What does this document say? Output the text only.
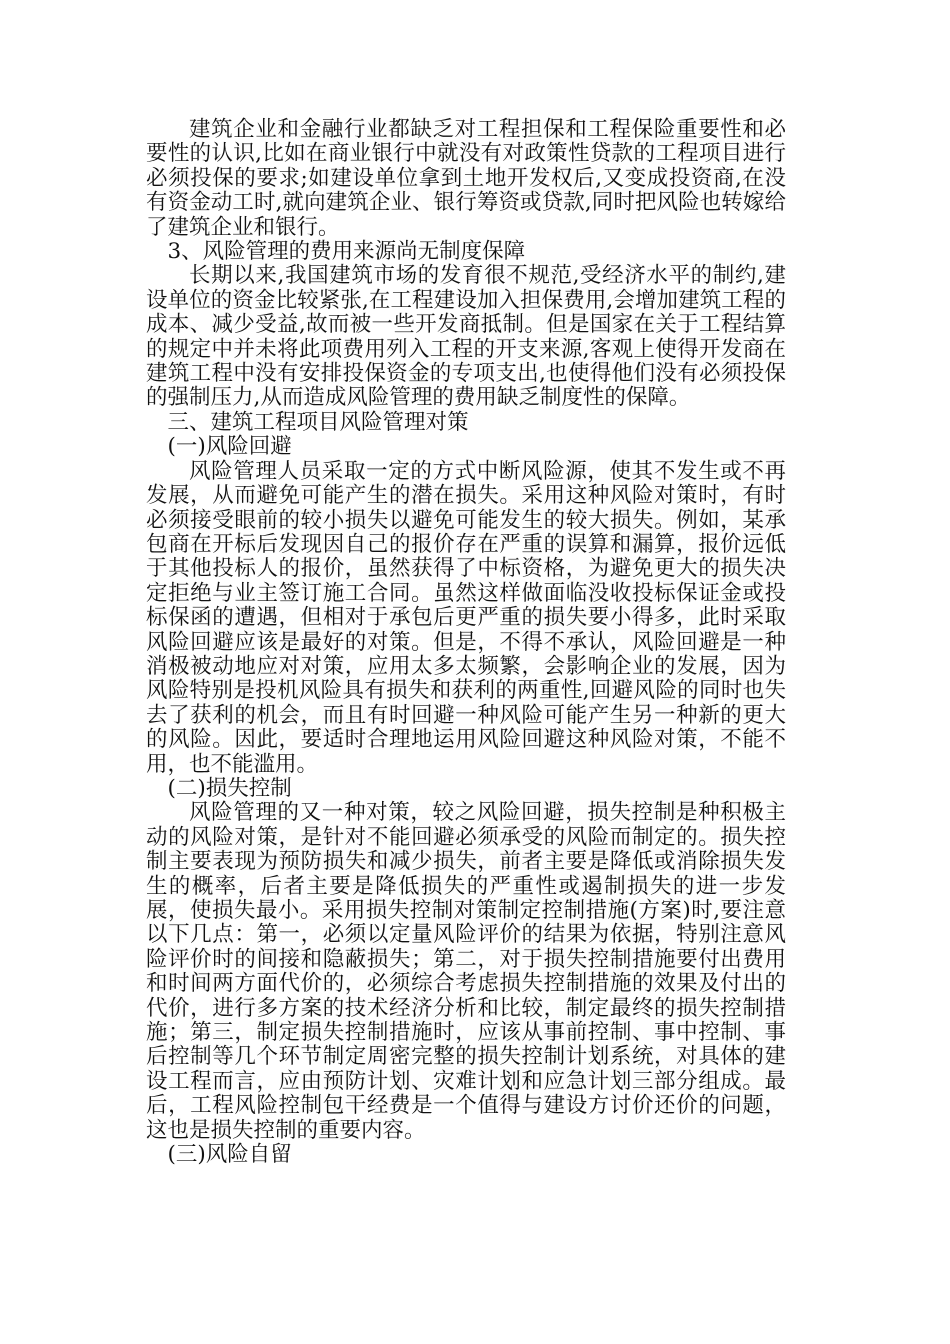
建筑企业和金融行业都缺乏对工程担保和工程保险重要性和必要性的认识,比如在商业银行中就没有对政策性贷款的工程项目进行必须投保的要求;如建设单位拿到土地开发权后,又变成投资商,在没有资金动工时,就向建筑企业、银行筹资或贷款,同时把风险也转嫁给了建筑企业和银行。

3、风险管理的费用来源尚无制度保障

长期以来,我国建筑市场的发育很不规范,受经济水平的制约,建设单位的资金比较紧张,在工程建设加入担保费用,会增加建筑工程的成本、减少受益,故而被一些开发商抵制。但是国家在关于工程结算的规定中并未将此项费用列入工程的开支来源,客观上使得开发商在建筑工程中没有安排投保资金的专项支出,也使得他们没有必须投保的强制压力,从而造成风险管理的费用缺乏制度性的保障。

三、建筑工程项目风险管理对策

(一)风险回避

风险管理人员采取一定的方式中断风险源，使其不发生或不再发展，从而避免可能产生的潜在损失。采用这种风险对策时，有时必须接受眼前的较小损失以避免可能发生的较大损失。例如，某承包商在开标后发现因自己的报价存在严重的误算和漏算，报价远低于其他投标人的报价，虽然获得了中标资格，为避免更大的损失决定拒绝与业主签订施工合同。虽然这样做面临没收投标保证金或投标保函的遭遇，但相对于承包后更严重的损失要小得多，此时采取风险回避应该是最好的对策。但是，不得不承认，风险回避是一种消极被动地应对对策，应用太多太频繁，会影响企业的发展，因为风险特别是投机风险具有损失和获利的两重性,回避风险的同时也失去了获利的机会，而且有时回避一种风险可能产生另一种新的更大的风险。因此，要适时合理地运用风险回避这种风险对策，不能不用，也不能滥用。

(二)损失控制

风险管理的又一种对策，较之风险回避，损失控制是种积极主动的风险对策，是针对不能回避必须承受的风险而制定的。损失控制主要表现为预防损失和减少损失，前者主要是降低或消除损失发生的概率，后者主要是降低损失的严重性或遏制损失的进一步发展，使损失最小。采用损失控制对策制定控制措施(方案)时,要注意以下几点：第一，必须以定量风险评价的结果为依据，特别注意风险评价时的间接和隐蔽损失；第二，对于损失控制措施要付出费用和时间两方面代价的，必须综合考虑损失控制措施的效果及付出的代价，进行多方案的技术经济分析和比较，制定最终的损失控制措施；第三，制定损失控制措施时，应该从事前控制、事中控制、事后控制等几个环节制定周密完整的损失控制计划系统，对具体的建设工程而言，应由预防计划、灾难计划和应急计划三部分组成。最后，工程风险控制包干经费是一个值得与建设方讨价还价的问题，这也是损失控制的重要内容。

(三)风险自留
